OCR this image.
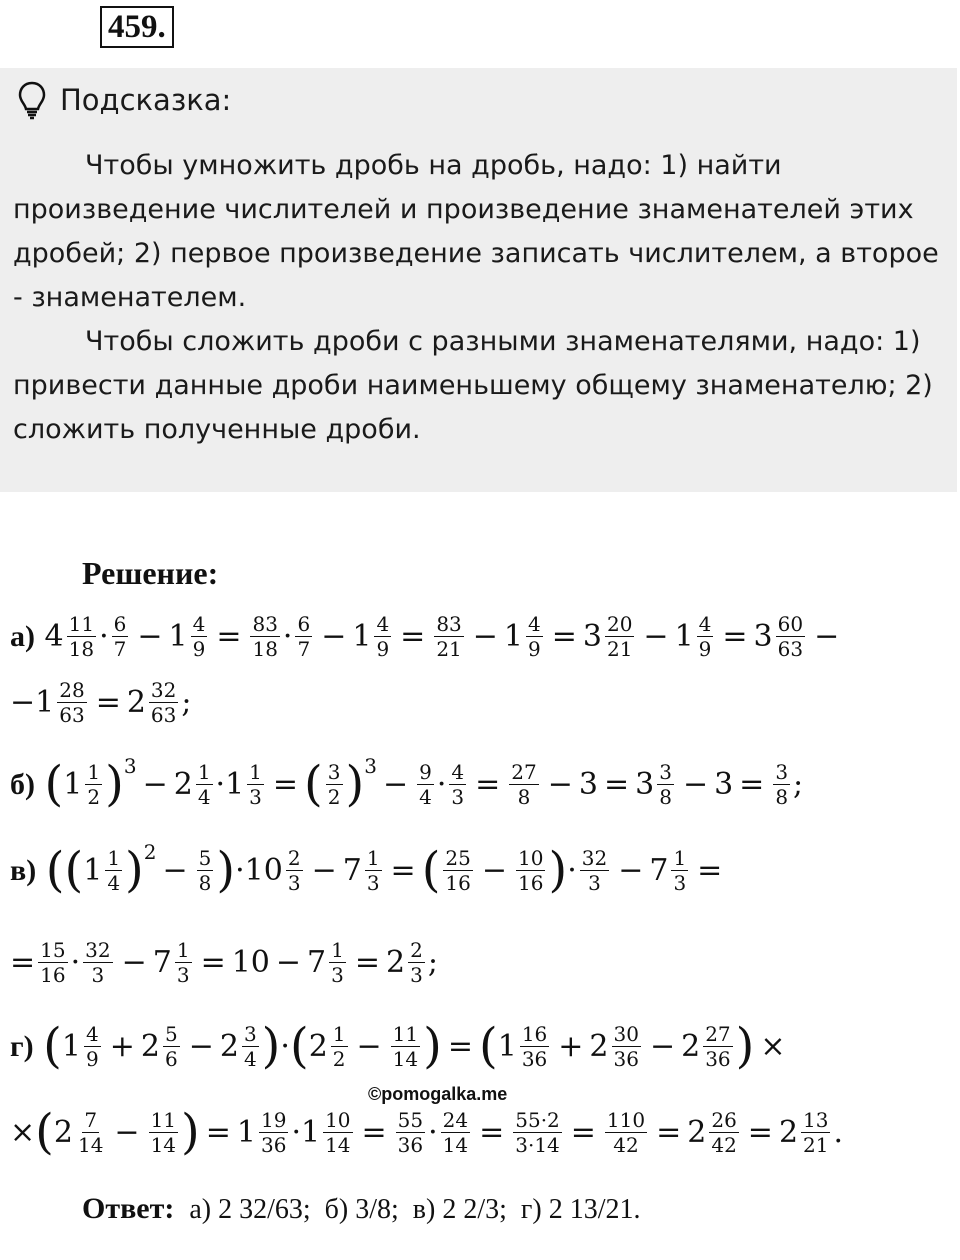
459.
Подсказка:

Чтобы умножить дробь на дробь, надо: 1) найти произведение числителей и произведение знаменателей этих дробей; 2) первое произведение записать числителем, а второе - знаменателем.

Чтобы сложить дроби с разными знаменателями, надо: 1) привести данные дроби наименьшему общему знаменателю; 2) сложить полученные дроби.

Решение:
а) 4 11
18 · 6
$7 - 1 \frac{4}{9} = \frac{83}{18} \cdot 6$
$7 - 1 \frac{4}{9} = \frac{83}{21} - 1 \frac{4}{9} = 3 \frac{20}{21} - 1 \frac{4}{9} = 3 \frac{60}{63}$ −
$-1 \frac{28}{63} = 2 \frac{32}{63}$ ;
б)
( 1 1
2 ) 3
− $2 \frac{1}{4} \cdot 1 \frac{1}{3}$ = ( 3
2 ) 3
− $\frac{9}{4} \cdot \frac{4}{3} = \frac{27}{8} - 3 = 3 \frac{3}{8} - 3 = \frac{3}{8}$ ;
в)
( ( 1 1
4 ) 2
− $\frac{5}{8}$ ) ·10 2
$3 - 7 \frac{1}{3}$ = ( 25
$16 - \frac{10}{16}$ ) · 32
$3 - 7 \frac{1}{3}$ =
= 15
16 · 32
$3 - 7 \frac{1}{3} = 10 - 7 \frac{1}{3} = 2 \frac{2}{3}$ ;
г)
( 1 4
$9 + 2 \frac{5}{6} - 2 \frac{3}{4}$ ) · ( 2 1
$2 - \frac{11}{14}$ ) = ( 1 16
$36 + 2 \frac{30}{36} - 2 \frac{27}{36}$ ) ×
× ( 2 7
$14 - \frac{11}{14}$ ) = $1 \frac{19}{36} \cdot 1 \frac{10}{14} = \frac{55}{36} \cdot \frac{24}{14} = \frac{55\cdot 2}{3\cdot 14} = \frac{110}{42} = 2 \frac{26}{42} = 2 \frac{13}{21}$ .
©pomogalka.me
Ответ: а) 2 32/63;  б) 3/8;  в) 2 2/3;  г) 2 13/21.
